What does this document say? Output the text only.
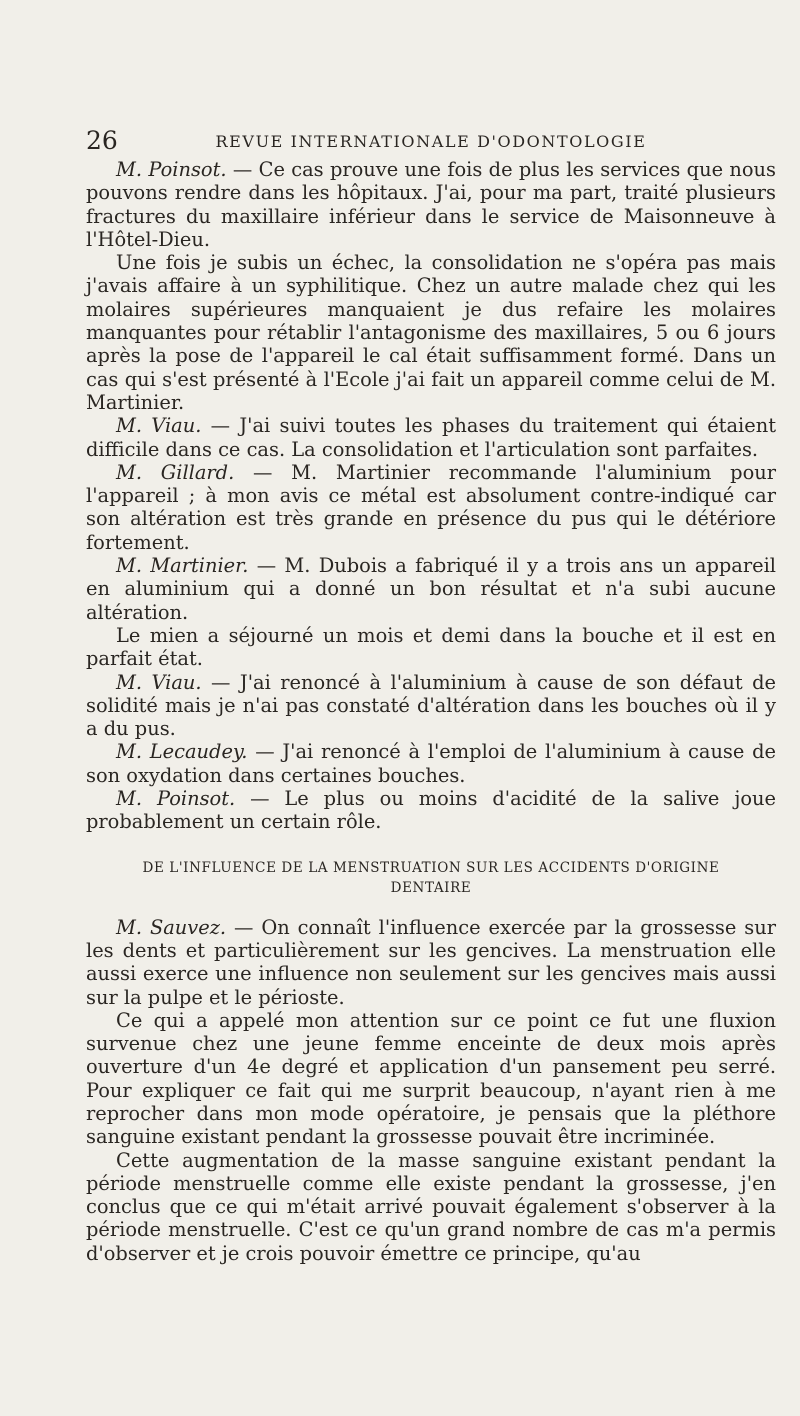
26	REVUE INTERNATIONALE D'ODONTOLOGIE

M. Poinsot. — Ce cas prouve une fois de plus les services que nous pouvons rendre dans les hôpitaux. J'ai, pour ma part, traité plusieurs fractures du maxillaire inférieur dans le service de Maisonneuve à l'Hôtel-Dieu.

Une fois je subis un échec, la consolidation ne s'opéra pas mais j'avais affaire à un syphilitique. Chez un autre malade chez qui les molaires supérieures manquaient je dus refaire les molaires manquantes pour rétablir l'antagonisme des maxillaires, 5 ou 6 jours après la pose de l'appareil le cal était suffisamment formé. Dans un cas qui s'est présenté à l'Ecole j'ai fait un appareil comme celui de M. Martinier.

M. Viau. — J'ai suivi toutes les phases du traitement qui étaient difficile dans ce cas. La consolidation et l'articulation sont parfaites.

M. Gillard. — M. Martinier recommande l'aluminium pour l'appareil ; à mon avis ce métal est absolument contre-indiqué car son altération est très grande en présence du pus qui le détériore fortement.

M. Martinier. — M. Dubois a fabriqué il y a trois ans un appareil en aluminium qui a donné un bon résultat et n'a subi aucune altération.

Le mien a séjourné un mois et demi dans la bouche et il est en parfait état.

M. Viau. — J'ai renoncé à l'aluminium à cause de son défaut de solidité mais je n'ai pas constaté d'altération dans les bouches où il y a du pus.

M. Lecaudey. — J'ai renoncé à l'emploi de l'aluminium à cause de son oxydation dans certaines bouches.

M. Poinsot. — Le plus ou moins d'acidité de la salive joue probablement un certain rôle.

DE L'INFLUENCE DE LA MENSTRUATION SUR LES ACCIDENTS D'ORIGINE
DENTAIRE

M. Sauvez. — On connaît l'influence exercée par la grossesse sur les dents et particulièrement sur les gencives. La menstruation elle aussi exerce une influence non seulement sur les gencives mais aussi sur la pulpe et le périoste.

Ce qui a appelé mon attention sur ce point ce fut une fluxion survenue chez une jeune femme enceinte de deux mois après ouverture d'un 4e degré et application d'un pansement peu serré. Pour expliquer ce fait qui me surprit beaucoup, n'ayant rien à me reprocher dans mon mode opératoire, je pensais que la pléthore sanguine existant pendant la grossesse pouvait être incriminée.

Cette augmentation de la masse sanguine existant pendant la période menstruelle comme elle existe pendant la grossesse, j'en conclus que ce qui m'était arrivé pouvait également s'observer à la période menstruelle. C'est ce qu'un grand nombre de cas m'a permis d'observer et je crois pouvoir émettre ce principe, qu'au
